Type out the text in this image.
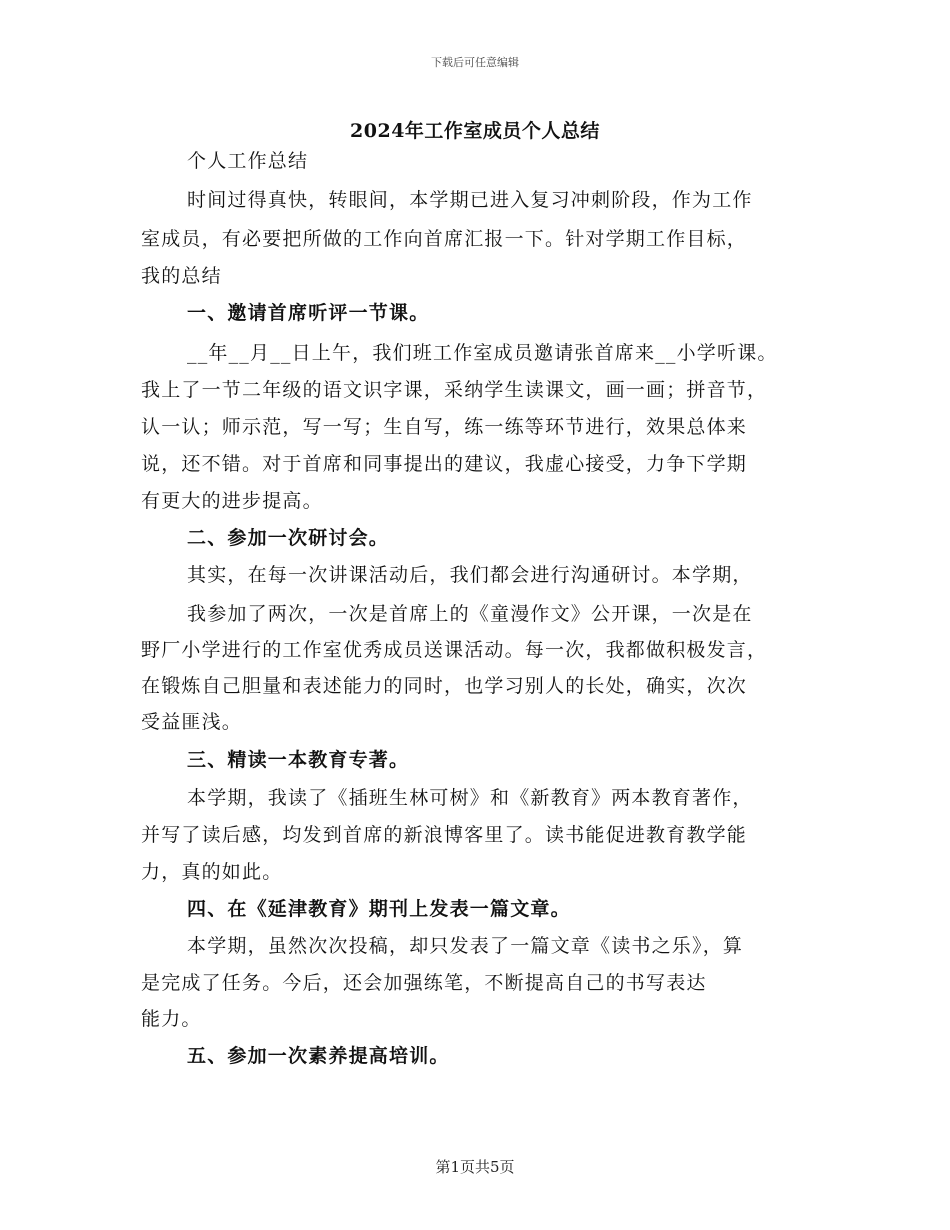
下载后可任意编辑
2024年工作室成员个人总结
个人工作总结
时间过得真快，转眼间，本学期已进入复习冲刺阶段，作为工作
室成员，有必要把所做的工作向首席汇报一下。针对学期工作目标，
我的总结
一、邀请首席听评一节课。
__年__月__日上午，我们班工作室成员邀请张首席来__小学听课。
我上了一节二年级的语文识字课，采纳学生读课文，画一画；拼音节，
认一认；师示范，写一写；生自写，练一练等环节进行，效果总体来
说，还不错。对于首席和同事提出的建议，我虚心接受，力争下学期
有更大的进步提高。
二、参加一次研讨会。
其实，在每一次讲课活动后，我们都会进行沟通研讨。本学期，
我参加了两次，一次是首席上的《童漫作文》公开课，一次是在
野厂小学进行的工作室优秀成员送课活动。每一次，我都做积极发言，
在锻炼自己胆量和表述能力的同时，也学习别人的长处，确实，次次
受益匪浅。
三、精读一本教育专著。
本学期，我读了《插班生林可树》和《新教育》两本教育著作，
并写了读后感，均发到首席的新浪博客里了。读书能促进教育教学能
力，真的如此。
四、在《延津教育》期刊上发表一篇文章。
本学期，虽然次次投稿，却只发表了一篇文章《读书之乐》，算
是完成了任务。今后，还会加强练笔，不断提高自己的书写表达
能力。
五、参加一次素养提高培训。
第1页共5页
